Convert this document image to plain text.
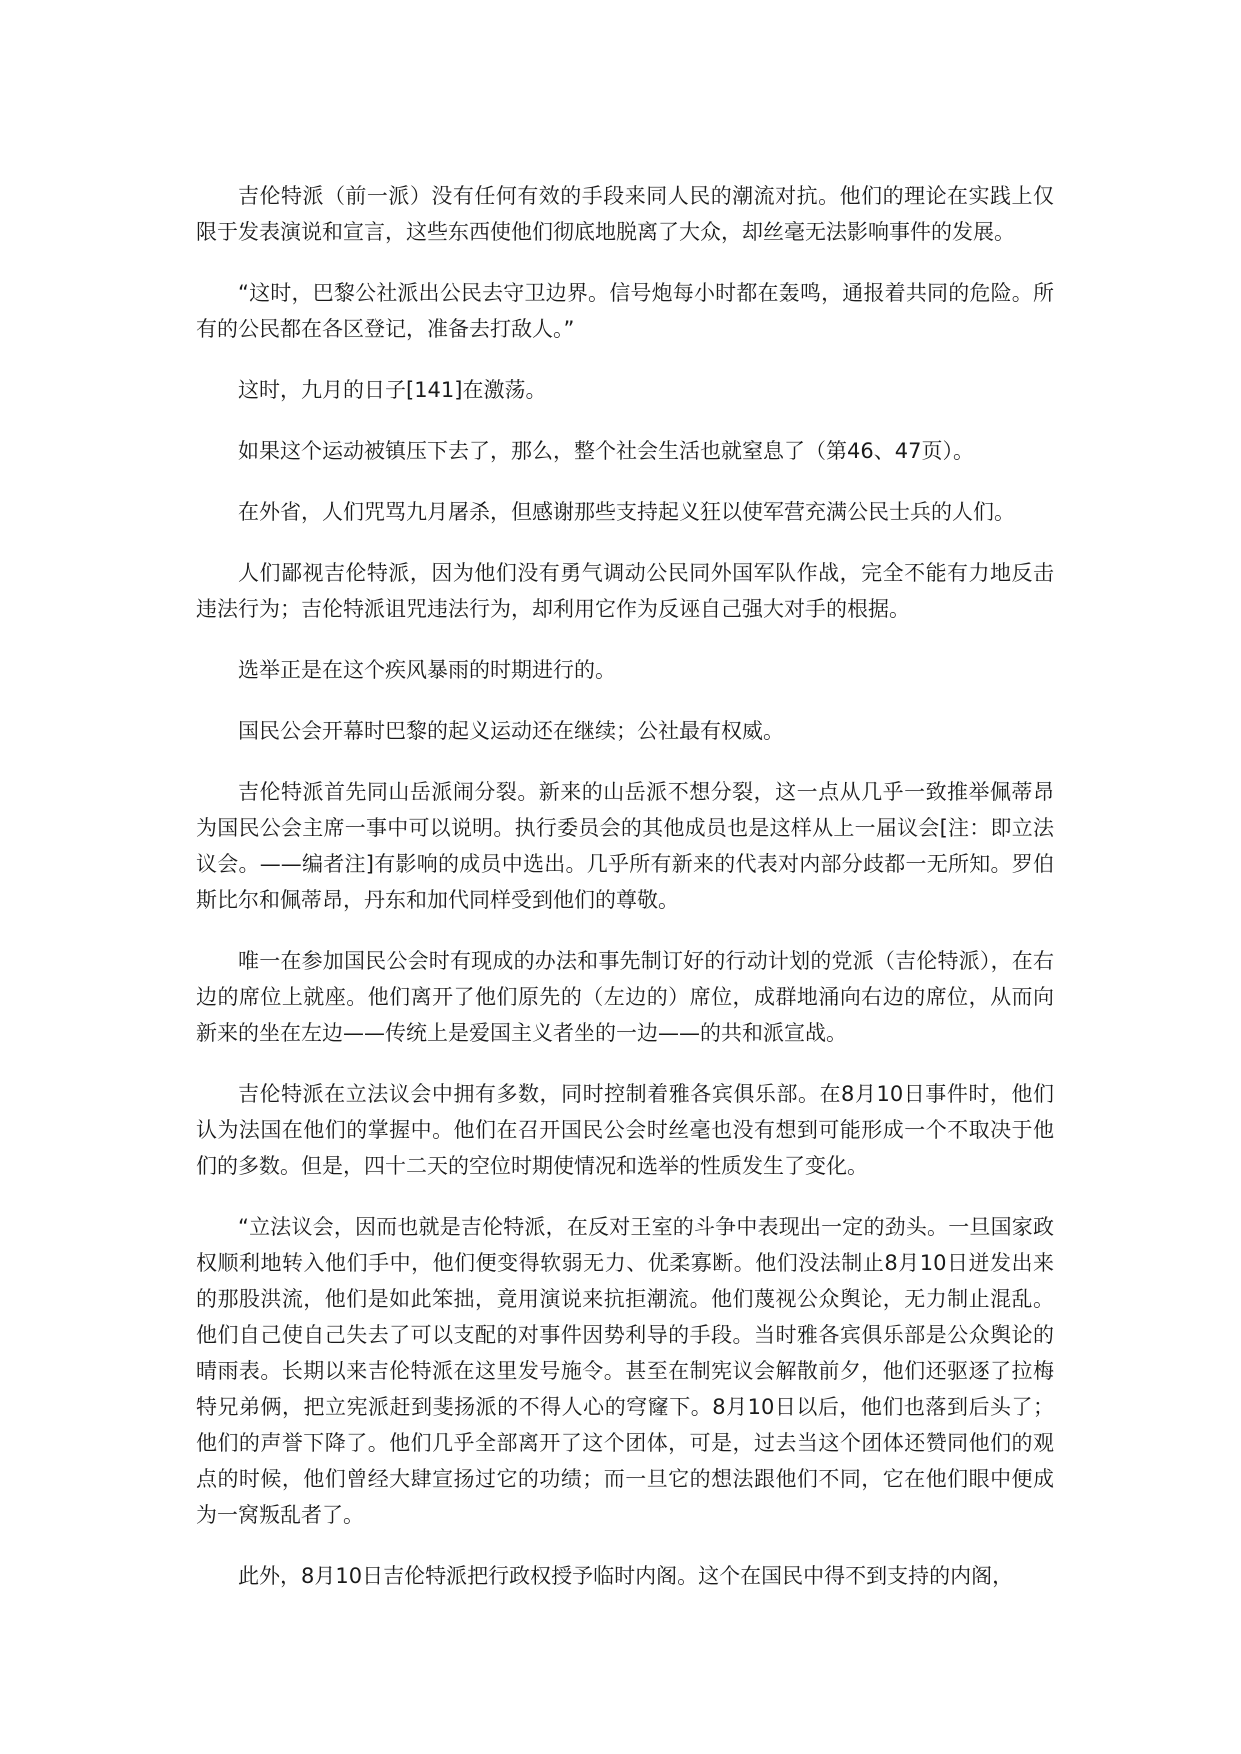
吉伦特派（前一派）没有任何有效的手段来同人民的潮流对抗。他们的理论在实践上仅限于发表演说和宣言，这些东西使他们彻底地脱离了大众，却丝毫无法影响事件的发展。

“这时，巴黎公社派出公民去守卫边界。信号炮每小时都在轰鸣，通报着共同的危险。所有的公民都在各区登记，准备去打敌人。”

这时，九月的日子[141]在激荡。

如果这个运动被镇压下去了，那么，整个社会生活也就窒息了（第46、47页）。

在外省，人们咒骂九月屠杀，但感谢那些支持起义狂以使军营充满公民士兵的人们。

人们鄙视吉伦特派，因为他们没有勇气调动公民同外国军队作战，完全不能有力地反击违法行为；吉伦特派诅咒违法行为，却利用它作为反诬自己强大对手的根据。

选举正是在这个疾风暴雨的时期进行的。

国民公会开幕时巴黎的起义运动还在继续；公社最有权威。

吉伦特派首先同山岳派闹分裂。新来的山岳派不想分裂，这一点从几乎一致推举佩蒂昂为国民公会主席一事中可以说明。执行委员会的其他成员也是这样从上一届议会[注：即立法议会。——编者注]有影响的成员中选出。几乎所有新来的代表对内部分歧都一无所知。罗伯斯比尔和佩蒂昂，丹东和加代同样受到他们的尊敬。

唯一在参加国民公会时有现成的办法和事先制订好的行动计划的党派（吉伦特派），在右边的席位上就座。他们离开了他们原先的（左边的）席位，成群地涌向右边的席位，从而向新来的坐在左边——传统上是爱国主义者坐的一边——的共和派宣战。

吉伦特派在立法议会中拥有多数，同时控制着雅各宾俱乐部。在8月10日事件时，他们认为法国在他们的掌握中。他们在召开国民公会时丝毫也没有想到可能形成一个不取决于他们的多数。但是，四十二天的空位时期使情况和选举的性质发生了变化。

“立法议会，因而也就是吉伦特派，在反对王室的斗争中表现出一定的劲头。一旦国家政权顺利地转入他们手中，他们便变得软弱无力、优柔寡断。他们没法制止8月10日迸发出来的那股洪流，他们是如此笨拙，竟用演说来抗拒潮流。他们蔑视公众舆论，无力制止混乱。他们自己使自己失去了可以支配的对事件因势利导的手段。当时雅各宾俱乐部是公众舆论的晴雨表。长期以来吉伦特派在这里发号施令。甚至在制宪议会解散前夕，他们还驱逐了拉梅特兄弟俩，把立宪派赶到斐扬派的不得人心的穹窿下。8月10日以后，他们也落到后头了；他们的声誉下降了。他们几乎全部离开了这个团体，可是，过去当这个团体还赞同他们的观点的时候，他们曾经大肆宣扬过它的功绩；而一旦它的想法跟他们不同，它在他们眼中便成为一窝叛乱者了。

此外，8月10日吉伦特派把行政权授予临时内阁。这个在国民中得不到支持的内阁，
